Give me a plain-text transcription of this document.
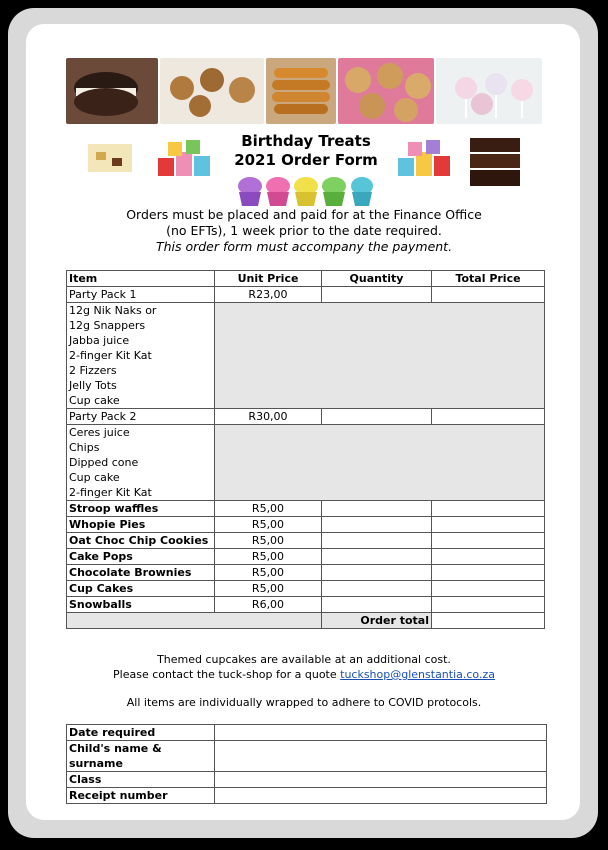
Birthday Treats
2021 Order Form
Orders must be placed and paid for at the Finance Office
(no EFTs), 1 week prior to the date required.
This order form must accompany the payment.
Item	Unit Price	Quantity	Total Price
Party Pack 1	R23,00		
12g Nik Naks or			
12g Snappers			
Jabba juice			
2-finger Kit Kat			
2 Fizzers			
Jelly Tots			
Cup cake			
Party Pack 2	R30,00		
Ceres juice			
Chips			
Dipped cone			
Cup cake			
2-finger Kit Kat			
Stroop waffles	R5,00		
Whopie Pies	R5,00		
Oat Choc Chip Cookies	R5,00		
Cake Pops	R5,00		
Chocolate Brownies	R5,00		
Cup Cakes	R5,00		
Snowballs	R6,00		
		Order total	
Themed cupcakes are available at an additional cost.
Please contact the tuck-shop for a quote tuckshop@glenstantia.co.za
All items are individually wrapped to adhere to COVID protocols.
Date required	
Child's name & surname	
Class	
Receipt number	
